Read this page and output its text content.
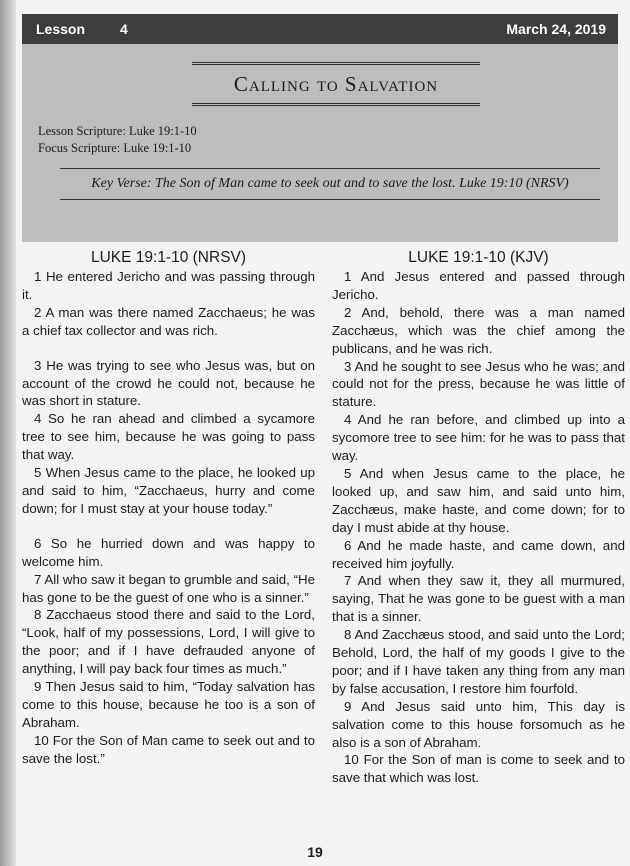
Lesson 4	March 24, 2019
Calling to Salvation
Lesson Scripture: Luke 19:1-10
Focus Scripture: Luke 19:1-10
Key Verse: The Son of Man came to seek out and to save the lost. Luke 19:10 (NRSV)
LUKE 19:1-10 (NRSV)

1 He entered Jericho and was passing through it.

2 A man was there named Zacchaeus; he was a chief tax collector and was rich.

3 He was trying to see who Jesus was, but on account of the crowd he could not, because he was short in stature.

4 So he ran ahead and climbed a sycamore tree to see him, because he was going to pass that way.

5 When Jesus came to the place, he looked up and said to him, “Zacchaeus, hurry and come down; for I must stay at your house today.”

6 So he hurried down and was happy to welcome him.

7 All who saw it began to grumble and said, “He has gone to be the guest of one who is a sinner.”

8 Zacchaeus stood there and said to the Lord, “Look, half of my possessions, Lord, I will give to the poor; and if I have defrauded anyone of anything, I will pay back four times as much.”

9 Then Jesus said to him, “Today salvation has come to this house, because he too is a son of Abraham.

10 For the Son of Man came to seek out and to save the lost.”

LUKE 19:1-10 (KJV)

1 And Jesus entered and passed through Jericho.

2 And, behold, there was a man named Zacchæus, which was the chief among the publicans, and he was rich.

3 And he sought to see Jesus who he was; and could not for the press, because he was little of stature.

4 And he ran before, and climbed up into a sycomore tree to see him: for he was to pass that way.

5 And when Jesus came to the place, he looked up, and saw him, and said unto him, Zacchæus, make haste, and come down; for to day I must abide at thy house.

6 And he made haste, and came down, and received him joyfully.

7 And when they saw it, they all murmured, saying, That he was gone to be guest with a man that is a sinner.

8 And Zacchæus stood, and said unto the Lord; Behold, Lord, the half of my goods I give to the poor; and if I have taken any thing from any man by false accusation, I restore him fourfold.

9 And Jesus said unto him, This day is salvation come to this house forsomuch as he also is a son of Abraham.

10 For the Son of man is come to seek and to save that which was lost.

19
